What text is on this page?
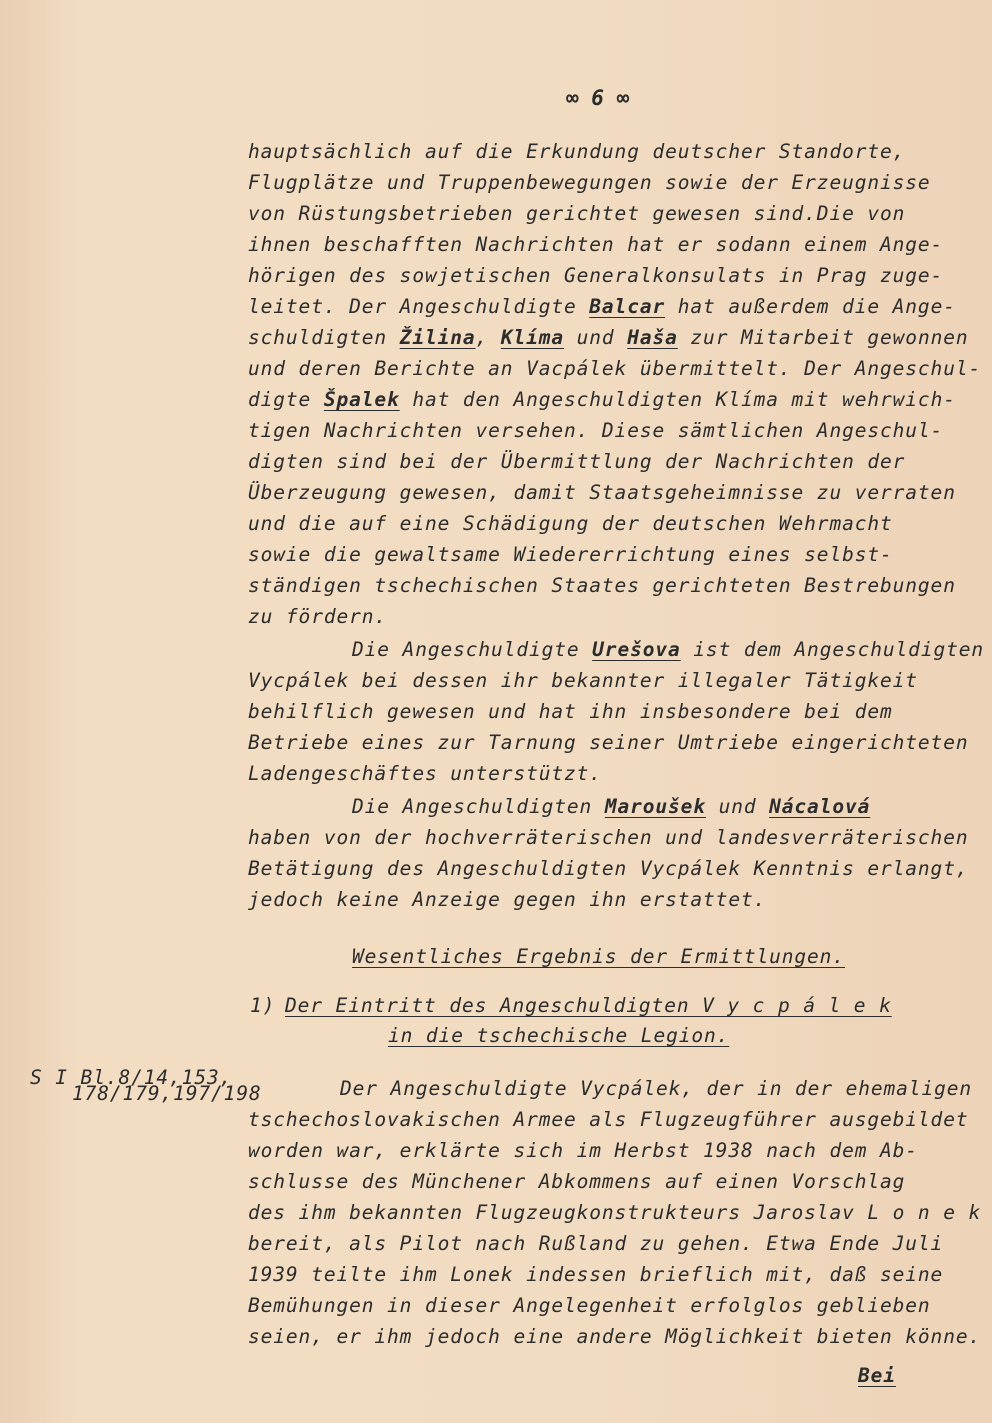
∞ 6 ∞
hauptsächlich auf die Erkundung deutscher Standorte,
Flugplätze und Truppenbewegungen sowie der Erzeugnisse
von Rüstungsbetrieben gerichtet gewesen sind.Die von
ihnen beschafften Nachrichten hat er sodann einem Ange-
hörigen des sowjetischen Generalkonsulats in Prag zuge-
leitet. Der Angeschuldigte Balcar hat außerdem die Ange-
schuldigten Žilina, Klíma und Haša zur Mitarbeit gewonnen
und deren Berichte an Vacpálek übermittelt. Der Angeschul-
digte Špalek hat den Angeschuldigten Klíma mit wehrwich-
tigen Nachrichten versehen. Diese sämtlichen Angeschul-
digten sind bei der Übermittlung der Nachrichten der
Überzeugung gewesen, damit Staatsgeheimnisse zu verraten
und die auf eine Schädigung der deutschen Wehrmacht
sowie die gewaltsame Wiedererrichtung eines selbst-
ständigen tschechischen Staates gerichteten Bestrebungen
zu fördern.
Die Angeschuldigte Urešova ist dem Angeschuldigten
Vycpálek bei dessen ihr bekannter illegaler Tätigkeit
behilflich gewesen und hat ihn insbesondere bei dem
Betriebe eines zur Tarnung seiner Umtriebe eingerichteten
Ladengeschäftes unterstützt.
Die Angeschuldigten Maroušek und Nácalová
haben von der hochverräterischen und landesverräterischen
Betätigung des Angeschuldigten Vycpálek Kenntnis erlangt,
jedoch keine Anzeige gegen ihn erstattet.
Wesentliches Ergebnis der Ermittlungen.
1) Der Eintritt des Angeschuldigten V y c p á l e k
in die tschechische Legion.
S I Bl.8/14,153,
178/179,197/198	Der Angeschuldigte Vycpálek, der in der ehemaligen
tschechoslovakischen Armee als Flugzeugführer ausgebildet
worden war, erklärte sich im Herbst 1938 nach dem Ab-
schlusse des Münchener Abkommens auf einen Vorschlag
des ihm bekannten Flugzeugkonstrukteurs Jaroslav L o n e k
bereit, als Pilot nach Rußland zu gehen. Etwa Ende Juli
1939 teilte ihm Lonek indessen brieflich mit, daß seine
Bemühungen in dieser Angelegenheit erfolglos geblieben
seien, er ihm jedoch eine andere Möglichkeit bieten könne.
Bei
